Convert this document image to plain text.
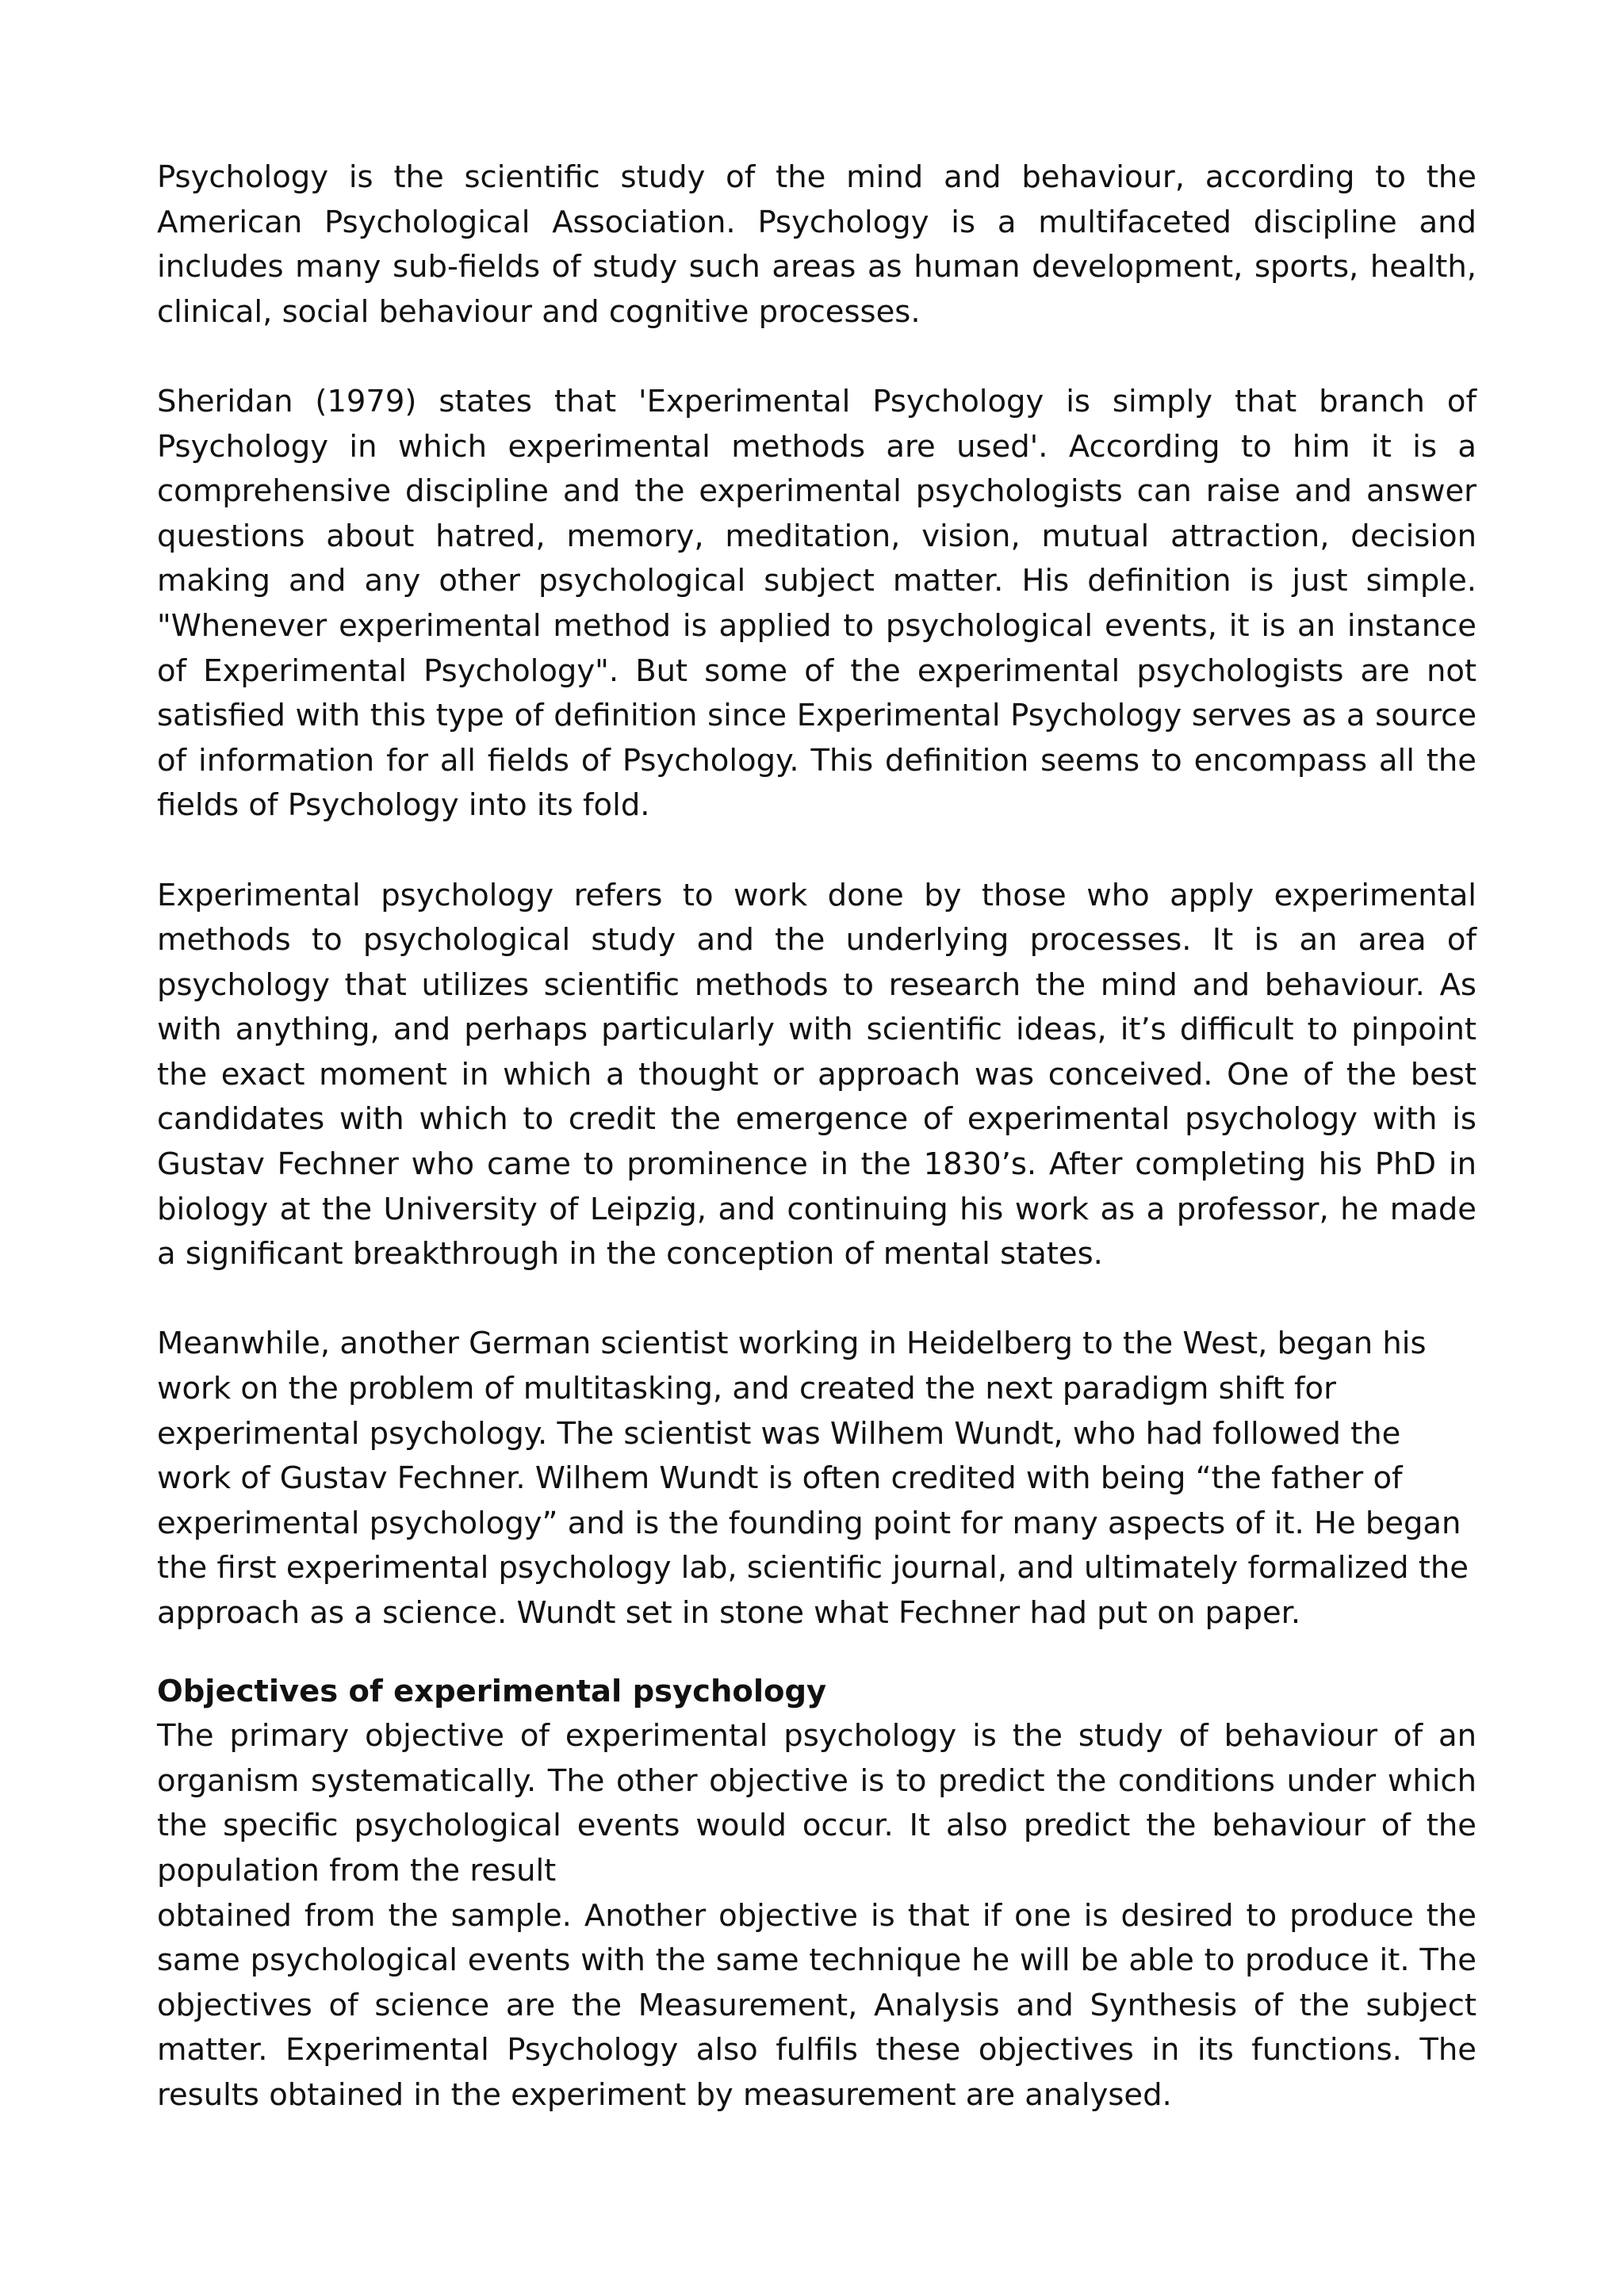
Psychology is the scientific study of the mind and behaviour, according to the
American Psychological Association. Psychology is a multifaceted discipline and
includes many sub-fields of study such areas as human development, sports, health,
clinical, social behaviour and cognitive processes.
Sheridan (1979) states that 'Experimental Psychology is simply that branch of
Psychology in which experimental methods are used'. According to him it is a
comprehensive discipline and the experimental psychologists can raise and answer
questions about hatred, memory, meditation, vision, mutual attraction, decision
making and any other psychological subject matter. His definition is just simple.
"Whenever experimental method is applied to psychological events, it is an instance
of Experimental Psychology". But some of the experimental psychologists are not
satisfied with this type of definition since Experimental Psychology serves as a source
of information for all fields of Psychology. This definition seems to encompass all the
fields of Psychology into its fold.
Experimental psychology refers to work done by those who apply experimental
methods to psychological study and the underlying processes. It is an area of
psychology that utilizes scientific methods to research the mind and behaviour. As
with anything, and perhaps particularly with scientific ideas, it’s difficult to pinpoint
the exact moment in which a thought or approach was conceived. One of the best
candidates with which to credit the emergence of experimental psychology with is
Gustav Fechner who came to prominence in the 1830’s. After completing his PhD in
biology at the University of Leipzig, and continuing his work as a professor, he made
a significant breakthrough in the conception of mental states.
Meanwhile, another German scientist working in Heidelberg to the West, began his
work on the problem of multitasking, and created the next paradigm shift for
experimental psychology. The scientist was Wilhem Wundt, who had followed the
work of Gustav Fechner. Wilhem Wundt is often credited with being “the father of
experimental psychology” and is the founding point for many aspects of it. He began
the first experimental psychology lab, scientific journal, and ultimately formalized the
approach as a science. Wundt set in stone what Fechner had put on paper.
Objectives of experimental psychology
The primary objective of experimental psychology is the study of behaviour of an
organism systematically. The other objective is to predict the conditions under which
the specific psychological events would occur. It also predict the behaviour of the
population from the result
obtained from the sample. Another objective is that if one is desired to produce the
same psychological events with the same technique he will be able to produce it. The
objectives of science are the Measurement, Analysis and Synthesis of the subject
matter. Experimental Psychology also fulfils these objectives in its functions. The
results obtained in the experiment by measurement are analysed.
